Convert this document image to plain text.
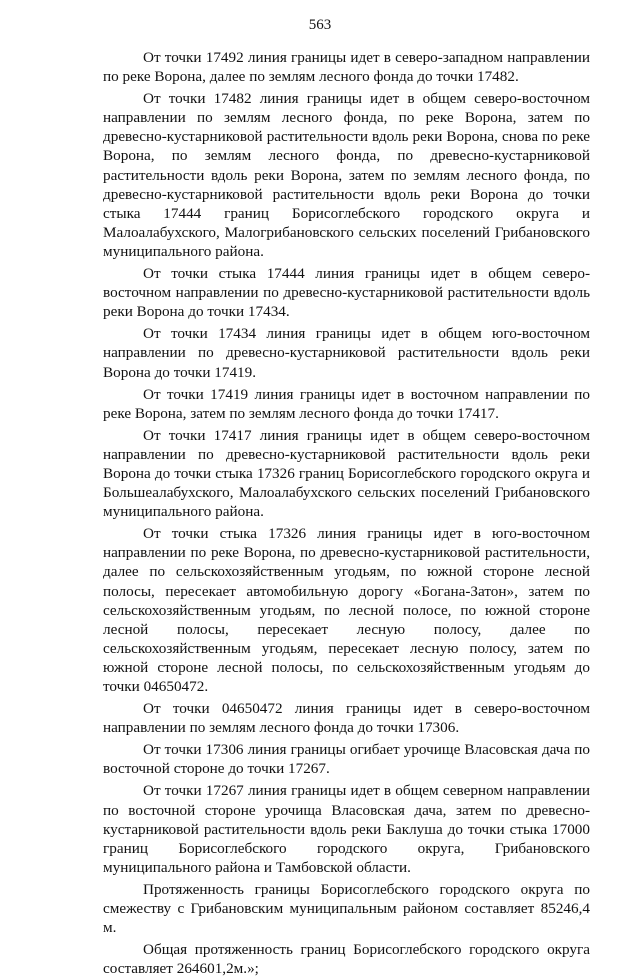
563

От точки 17492 линия границы идет в северо-западном направлении по реке Ворона, далее по землям лесного фонда до точки 17482.

От точки 17482 линия границы идет в общем северо-восточном направлении по землям лесного фонда, по реке Ворона, затем по древесно-кустарниковой растительности вдоль реки Ворона, снова по реке Ворона, по землям лесного фонда, по древесно-кустарниковой растительности вдоль реки Ворона, затем по землям лесного фонда, по древесно-кустарниковой растительности вдоль реки Ворона до точки стыка 17444 границ Борисоглебского городского округа и Малоалабухского, Малогрибановского сельских поселений Грибановского муниципального района.

От точки стыка 17444 линия границы идет в общем северо-восточном направлении по древесно-кустарниковой растительности вдоль реки Ворона до точки 17434.

От точки 17434 линия границы идет в общем юго-восточном направлении по древесно-кустарниковой растительности вдоль реки Ворона до точки 17419.

От точки 17419 линия границы идет в восточном направлении по реке Ворона, затем по землям лесного фонда до точки 17417.

От точки 17417 линия границы идет в общем северо-восточном направлении по древесно-кустарниковой растительности вдоль реки Ворона до точки стыка 17326 границ Борисоглебского городского округа и Большеалабухского, Малоалабухского сельских поселений Грибановского муниципального района.

От точки стыка 17326 линия границы идет в юго-восточном направлении по реке Ворона, по древесно-кустарниковой растительности, далее по сельскохозяйственным угодьям, по южной стороне лесной полосы, пересекает автомобильную дорогу «Богана-Затон», затем по сельскохозяйственным угодьям, по лесной полосе, по южной стороне лесной полосы, пересекает лесную полосу, далее по сельскохозяйственным угодьям, пересекает лесную полосу, затем по южной стороне лесной полосы, по сельскохозяйственным угодьям до точки 04650472.

От точки 04650472 линия границы идет в северо-восточном направлении по землям лесного фонда до точки 17306.

От точки 17306 линия границы огибает урочище Власовская дача по восточной стороне до точки 17267.

От точки 17267 линия границы идет в общем северном направлении по восточной стороне урочища Власовская дача, затем по древесно-кустарниковой растительности вдоль реки Баклуша до точки стыка 17000 границ Борисоглебского городского округа, Грибановского муниципального района и Тамбовской области.

Протяженность границы Борисоглебского городского округа по смежеству с Грибановским муниципальным районом составляет 85246,4 м.

Общая протяженность границ Борисоглебского городского округа составляет 264601,2м.»;
